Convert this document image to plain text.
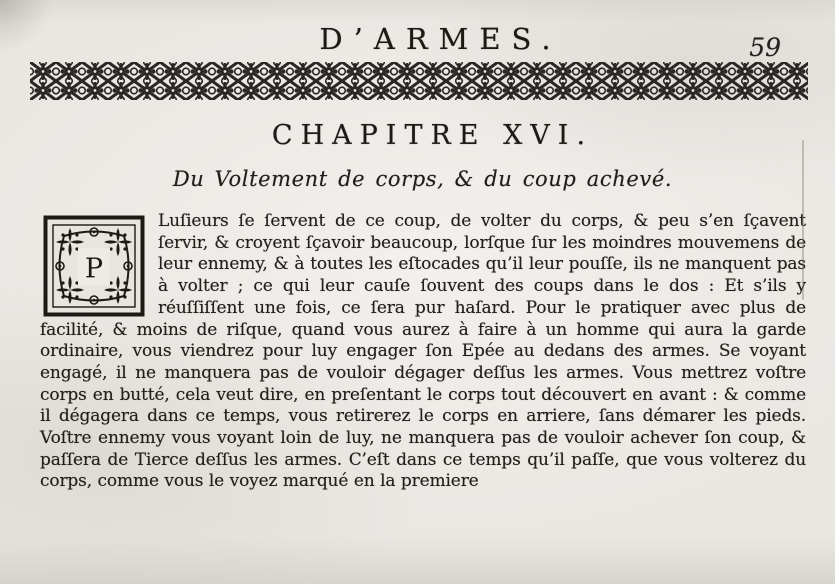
D’ARMES.	59
CHAPITRE XVI.
Du Voltement de corps, & du coup achevé.
P

Luſieurs ſe ſervent de ce coup, de volter du corps, & peu s’en ſçavent ſervir, & croyent ſçavoir beaucoup, lorſque ſur les moindres mouvemens de leur ennemy, & à toutes les eſtocades qu’il leur pouſſe, ils ne manquent pas à volter ; ce qui leur cauſe ſouvent des coups dans le dos : Et s’ils y réuſſiſſent une fois, ce ſera pur haſard. Pour le pratiquer avec plus de facilité, & moins de riſque, quand vous aurez à faire à un homme qui aura la garde ordinaire, vous viendrez pour luy engager ſon Epée au dedans des armes. Se voyant engagé, il ne manquera pas de vouloir dégager deſſus les armes. Vous mettrez voſtre corps en butté, cela veut dire, en preſentant le corps tout découvert en avant : & comme il dégagera dans ce temps, vous retirerez le corps en arriere, ſans démarer les pieds. Voſtre ennemy vous voyant loin de luy, ne manquera pas de vouloir achever ſon coup, & paſſera de Tierce deſſus les armes. C’eſt dans ce temps qu’il paſſe, que vous volterez du corps, comme vous le voyez marqué en la premiere
